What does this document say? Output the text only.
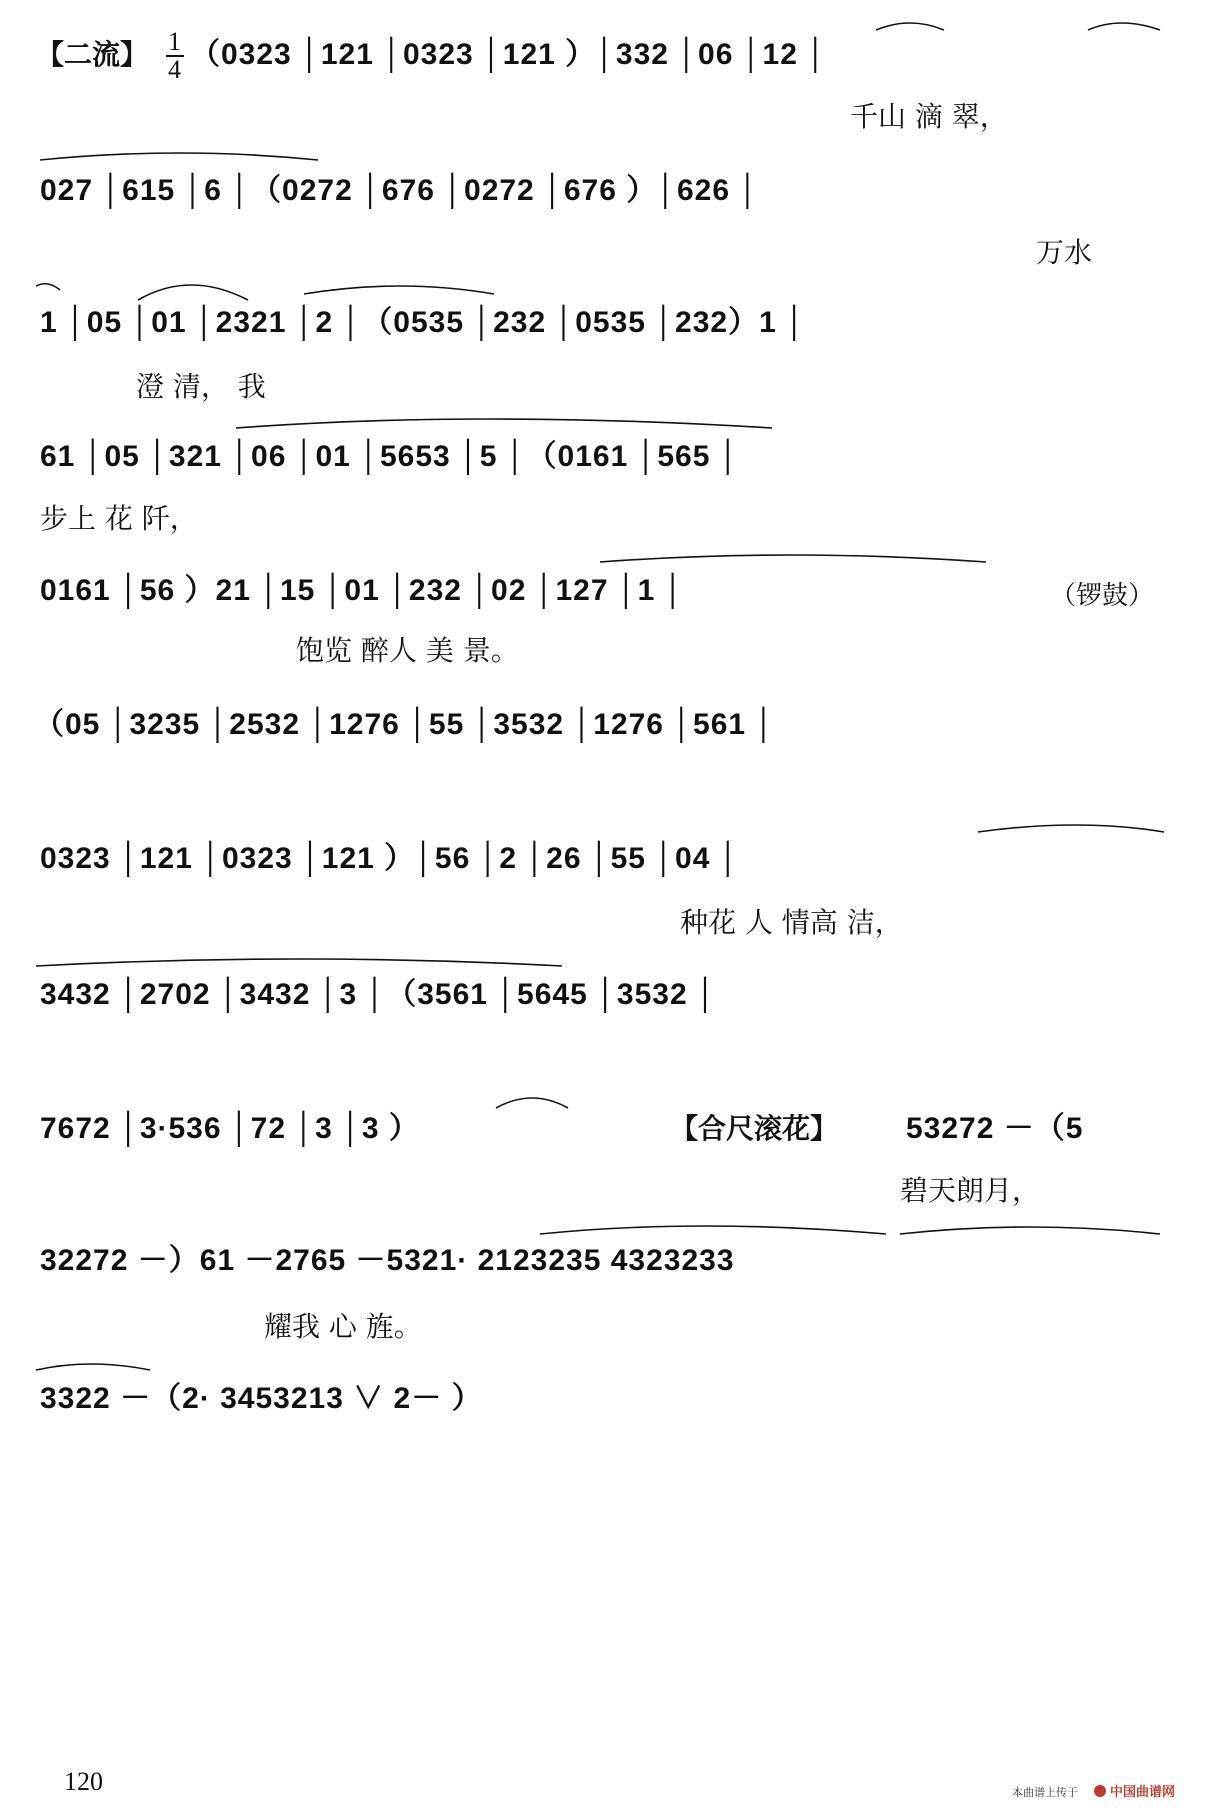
【二流】 1
4 （0323 │121 │0323 │121 ）│332 │06 │12 │
千山 滴 翠，
027 │615 │6 │（0272 │676 │0272 │676 ）│626 │
万水
1 │05 │01 │2321 │2 │（0535 │232 │0535 │232）1 │
澄 清， 我
61 │05 │321 │06 │01 │5653 │5 │（0161 │565 │
步上 花 阡，
0161 │56 ）21 │15 │01 │232 │02 │127 │1 │	（锣鼓）
饱览 醉人 美 景。
（05 │3235 │2532 │1276 │55 │3532 │1276 │561 │
0323 │121 │0323 │121 ）│56 │2 │26 │55 │04 │
种花 人 情高 洁，
3432 │2702 │3432 │3 │（3561 │5645 │3532 │
7672 │3·536 │72 │3 │3 ）	【合尺滚花】 53272 －（5
碧天朗月，
32272 －）61 －2765 －5321· 2123235 4323233
耀我 心 旌。
3322 －（2· 3453213 ∨ 2－ ）
120	本曲谱上传于 中国曲谱网
